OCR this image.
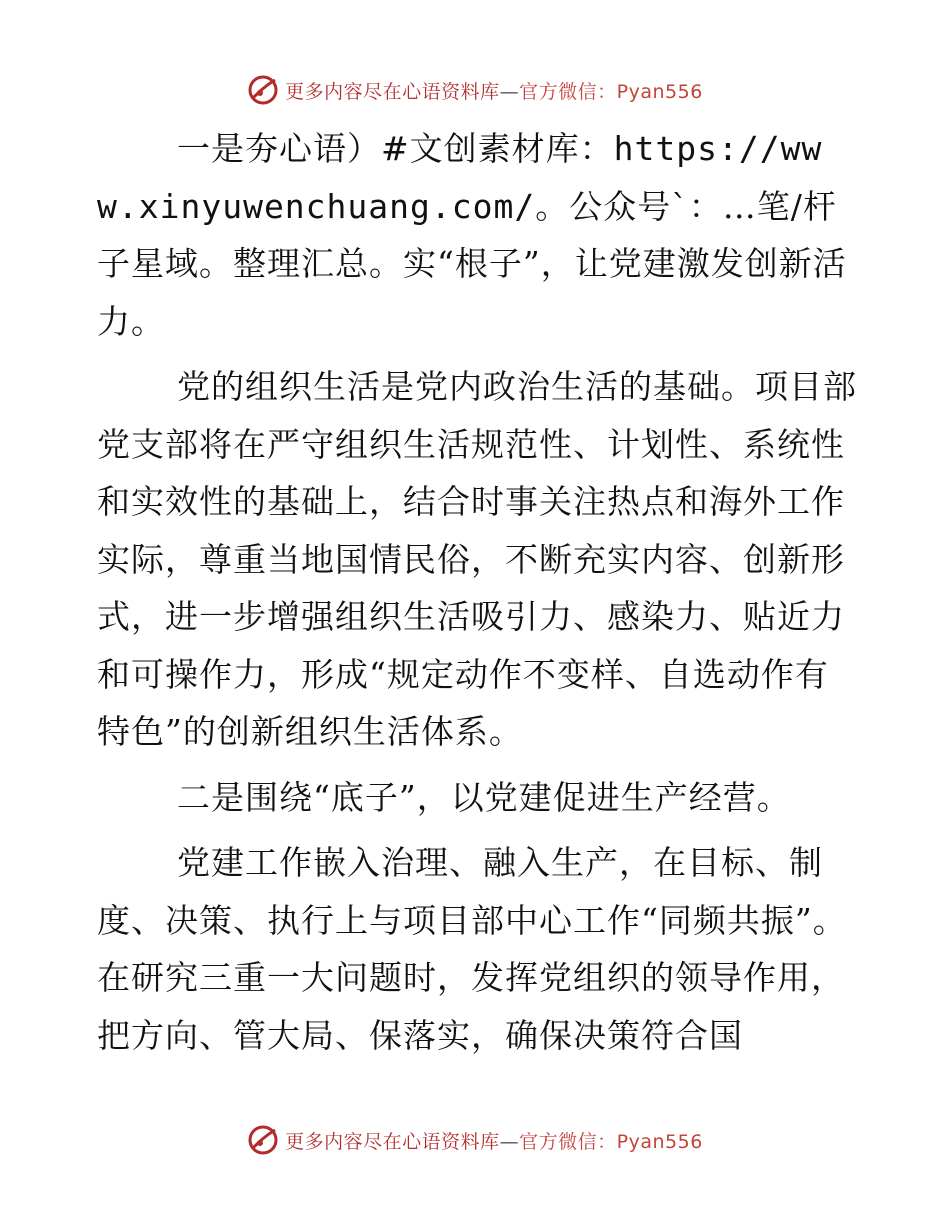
更多内容尽在心语资料库—官方微信：Pyan556

一是夯心语）#文创素材库：https://www.xinyuwenchuang.com/。公众号`：…笔/杆子星域。整理汇总。实“根子”，让党建激发创新活力。

党的组织生活是党内政治生活的基础。项目部党支部将在严守组织生活规范性、计划性、系统性和实效性的基础上，结合时事关注热点和海外工作实际，尊重当地国情民俗，不断充实内容、创新形式，进一步增强组织生活吸引力、感染力、贴近力和可操作力，形成“规定动作不变样、自选动作有特色”的创新组织生活体系。

二是围绕“底子”，以党建促进生产经营。

党建工作嵌入治理、融入生产，在目标、制度、决策、执行上与项目部中心工作“同频共振”。在研究三重一大问题时，发挥党组织的领导作用，把方向、管大局、保落实，确保决策符合国

更多内容尽在心语资料库—官方微信：Pyan556
